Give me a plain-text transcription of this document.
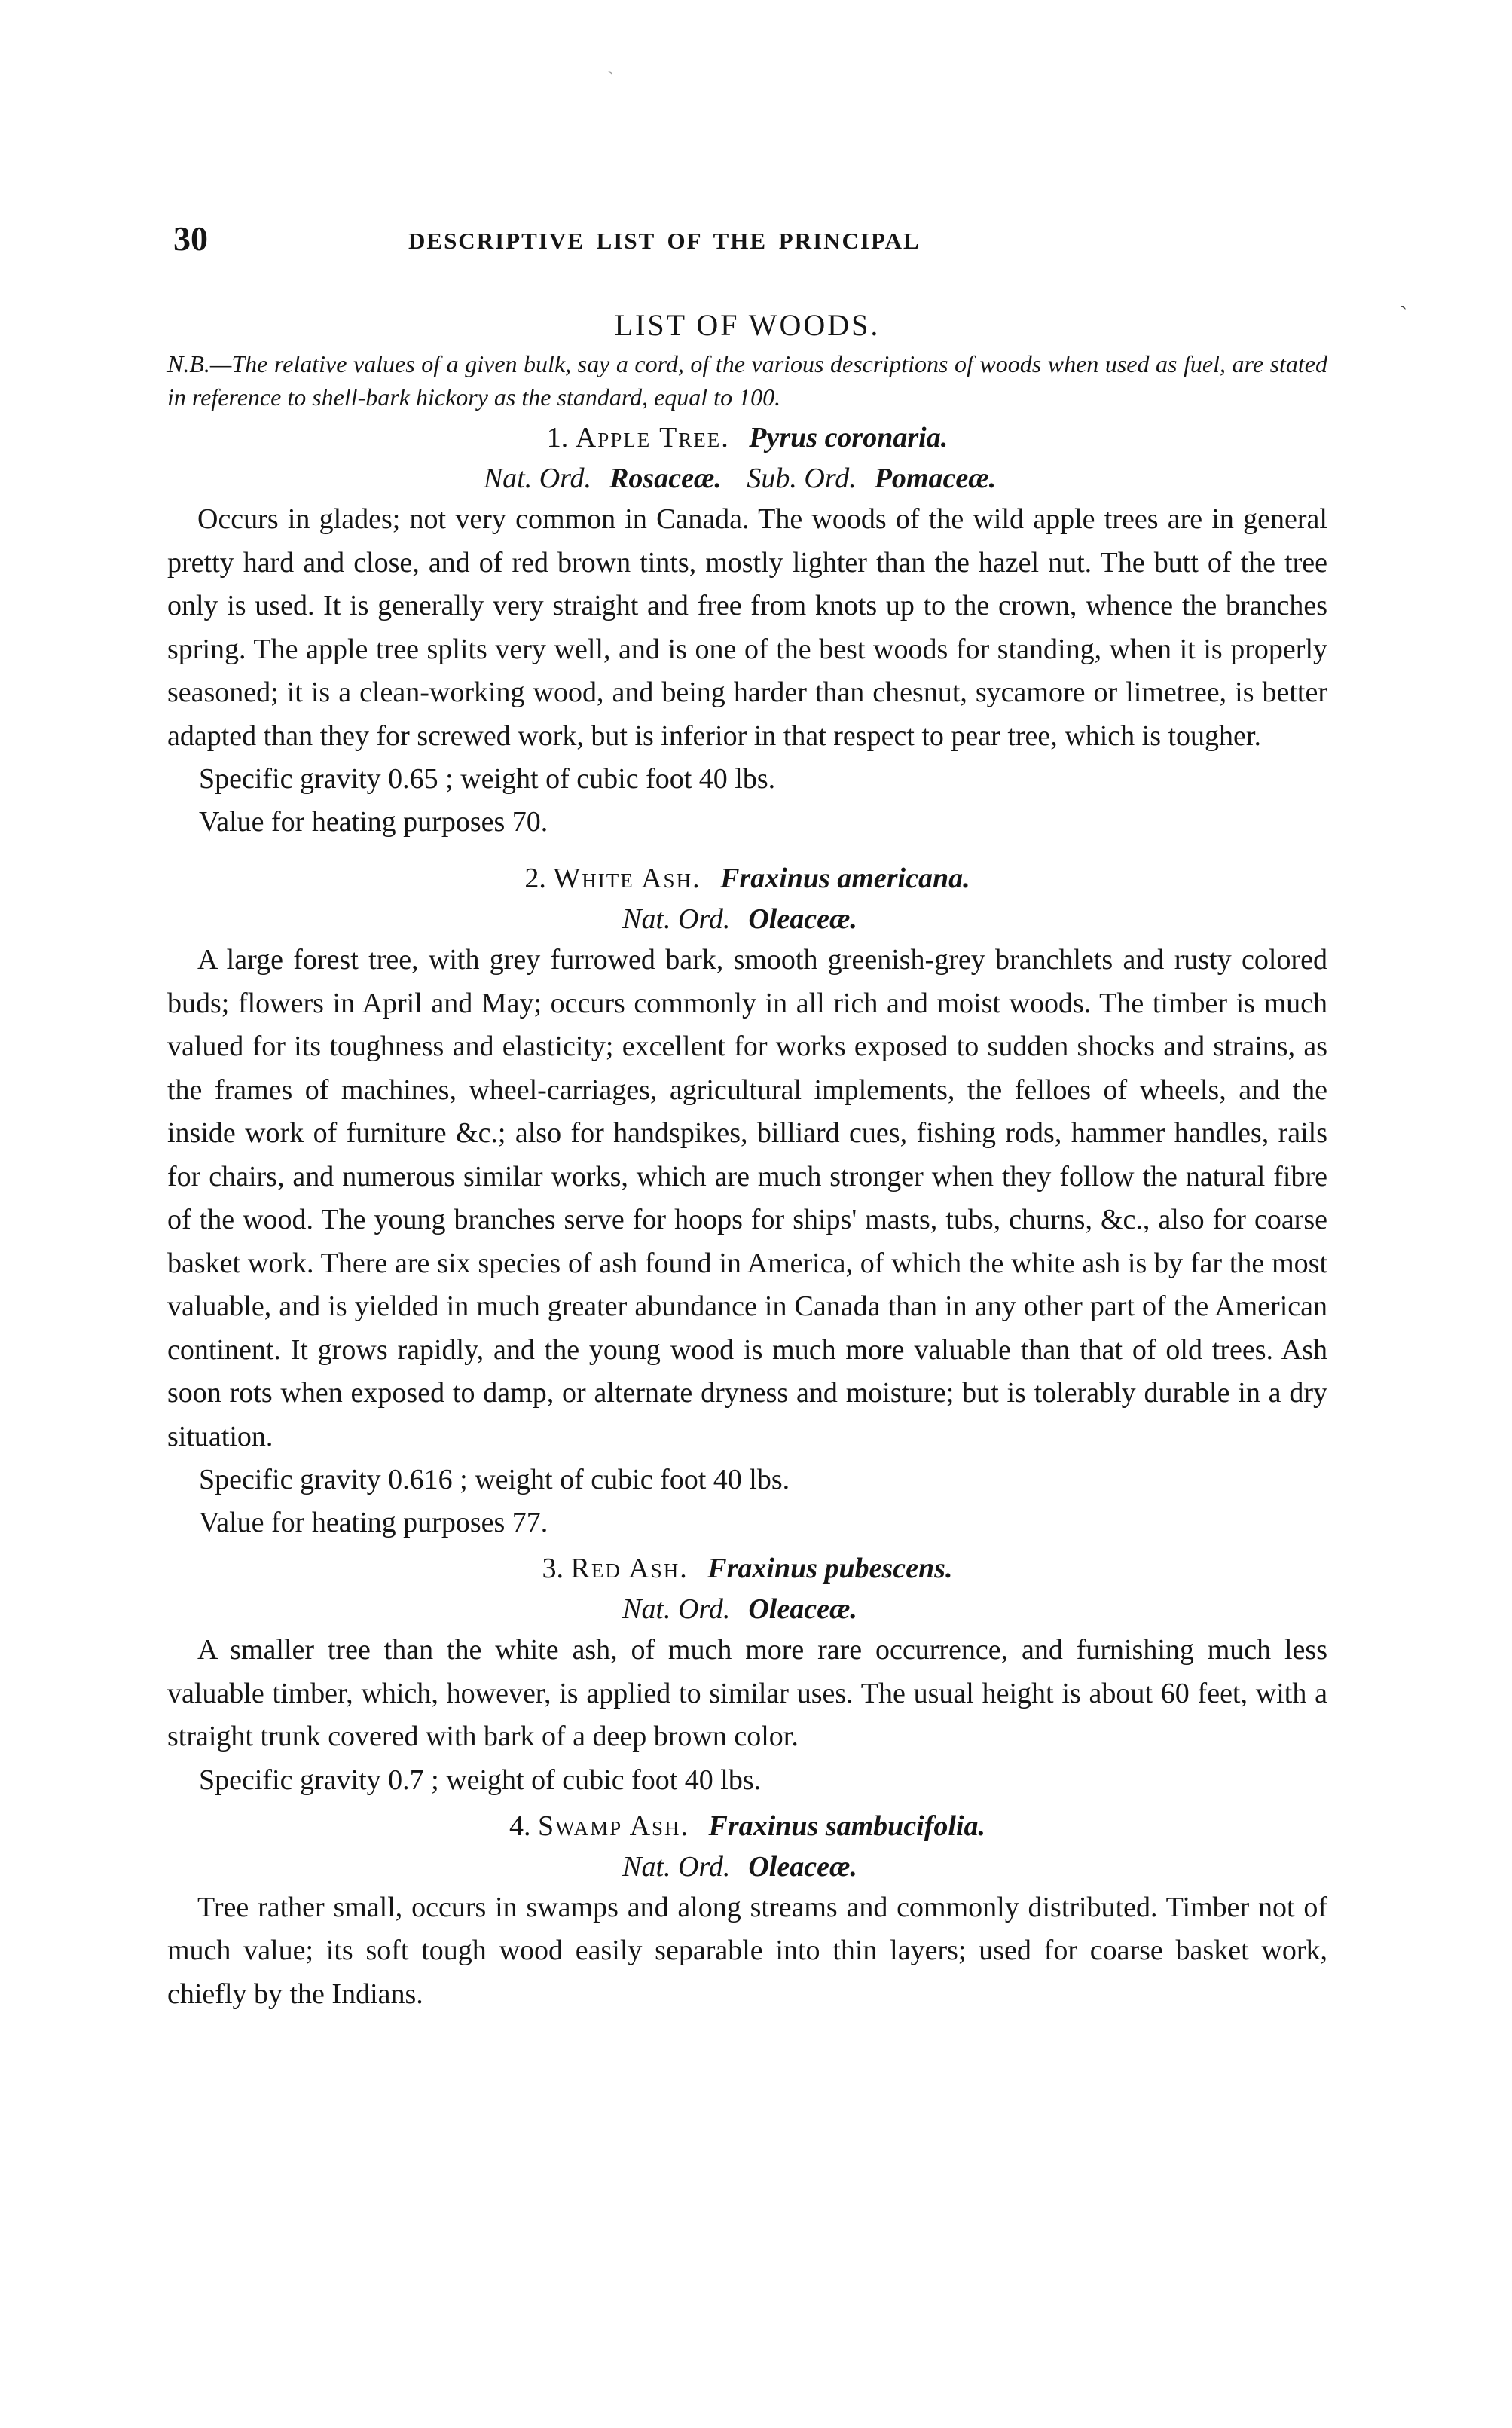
ˋ
ˏ
30	DESCRIPTIVE LIST OF THE PRINCIPAL
LIST OF WOODS.

N.B.—The relative values of a given bulk, say a cord, of the various descriptions of woods when used as fuel, are stated in reference to shell-bark hickory as the standard, equal to 100.

1. Apple Tree. Pyrus coronaria.
Nat. Ord. Rosaceæ. Sub. Ord. Pomaceæ.

Occurs in glades; not very common in Canada. The woods of the wild apple trees are in general pretty hard and close, and of red brown tints, mostly lighter than the hazel nut. The butt of the tree only is used. It is generally very straight and free from knots up to the crown, whence the branches spring. The apple tree splits very well, and is one of the best woods for standing, when it is properly seasoned; it is a clean-working wood, and being harder than chesnut, sycamore or limetree, is better adapted than they for screwed work, but is inferior in that respect to pear tree, which is tougher.

Specific gravity 0.65 ; weight of cubic foot 40 lbs.

Value for heating purposes 70.

2. White Ash. Fraxinus americana.
Nat. Ord. Oleaceæ.

A large forest tree, with grey furrowed bark, smooth greenish-grey branchlets and rusty colored buds; flowers in April and May; occurs commonly in all rich and moist woods. The timber is much valued for its toughness and elasticity; excellent for works exposed to sudden shocks and strains, as the frames of machines, wheel-carriages, agricultural implements, the felloes of wheels, and the inside work of furniture &c.; also for handspikes, billiard cues, fishing rods, hammer handles, rails for chairs, and numerous similar works, which are much stronger when they follow the natural fibre of the wood. The young branches serve for hoops for ships' masts, tubs, churns, &c., also for coarse basket work. There are six species of ash found in America, of which the white ash is by far the most valuable, and is yielded in much greater abundance in Canada than in any other part of the American continent. It grows rapidly, and the young wood is much more valuable than that of old trees. Ash soon rots when exposed to damp, or alternate dryness and moisture; but is tolerably durable in a dry situation.

Specific gravity 0.616 ; weight of cubic foot 40 lbs.

Value for heating purposes 77.

3. Red Ash. Fraxinus pubescens.
Nat. Ord. Oleaceæ.

A smaller tree than the white ash, of much more rare occurrence, and furnishing much less valuable timber, which, however, is applied to similar uses. The usual height is about 60 feet, with a straight trunk covered with bark of a deep brown color.

Specific gravity 0.7 ; weight of cubic foot 40 lbs.

4. Swamp Ash. Fraxinus sambucifolia.
Nat. Ord. Oleaceæ.

Tree rather small, occurs in swamps and along streams and commonly distributed. Timber not of much value; its soft tough wood easily separable into thin layers; used for coarse basket work, chiefly by the Indians.
